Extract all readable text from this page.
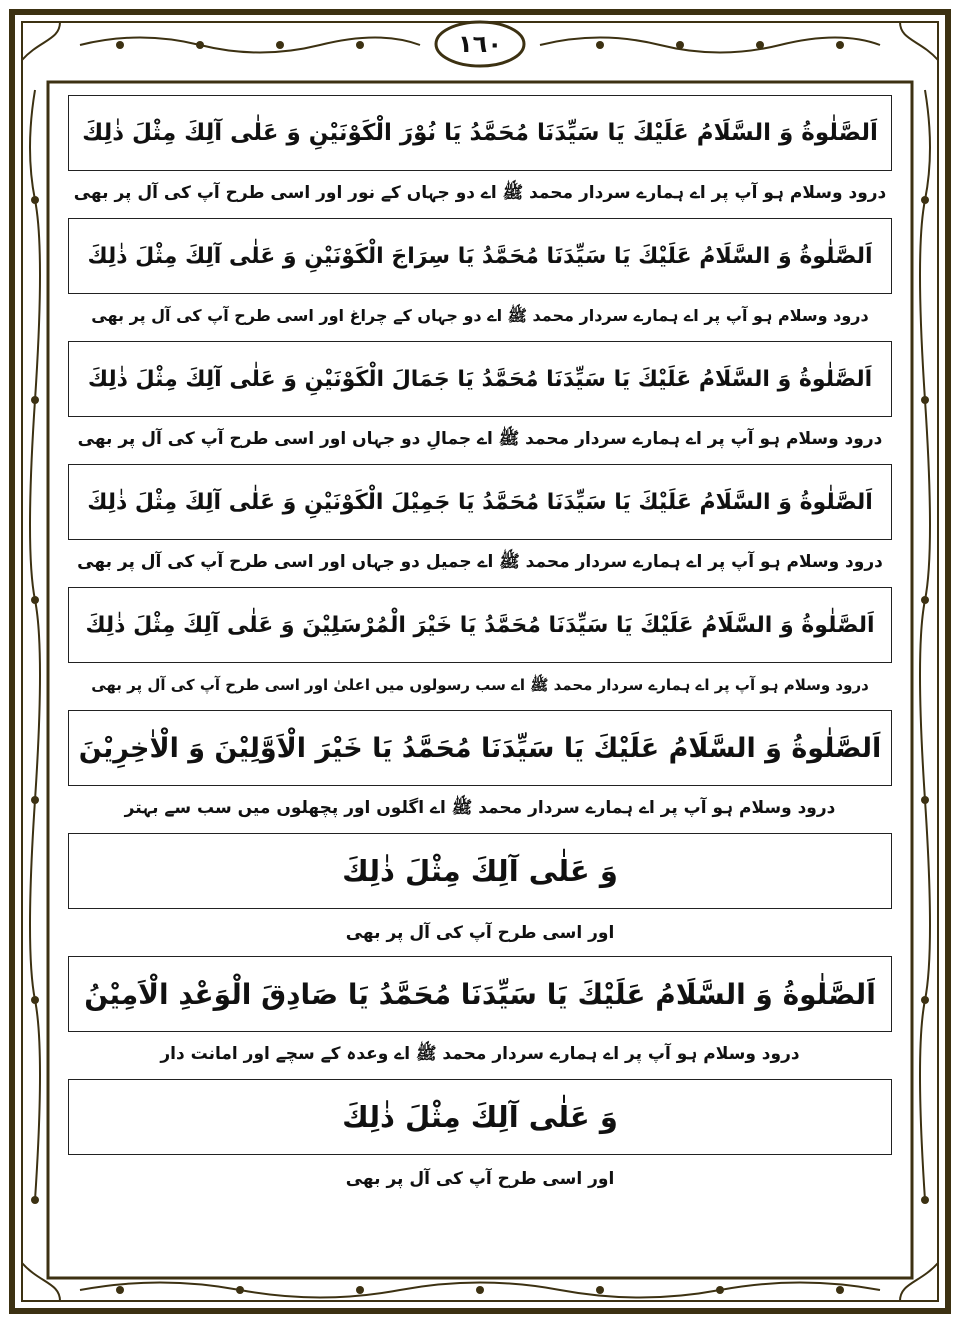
١٦٠
اَلصَّلٰوةُ وَ السَّلَامُ عَلَيْكَ يَا سَيِّدَنَا مُحَمَّدُ يَا نُوْرَ الْكَوْنَيْنِ وَ عَلٰى آلِكَ مِثْلَ ذٰلِكَ
درود وسلام ہو آپ پر اے ہمارے سردار محمد ﷺ اے دو جہاں کے نور اور اسی طرح آپ کی آل پر بھی
اَلصَّلٰوةُ وَ السَّلَامُ عَلَيْكَ يَا سَيِّدَنَا مُحَمَّدُ يَا سِرَاجَ الْكَوْنَيْنِ وَ عَلٰى آلِكَ مِثْلَ ذٰلِكَ
درود وسلام ہو آپ پر اے ہمارے سردار محمد ﷺ اے دو جہاں کے چراغ اور اسی طرح آپ کی آل پر بھی
اَلصَّلٰوةُ وَ السَّلَامُ عَلَيْكَ يَا سَيِّدَنَا مُحَمَّدُ يَا جَمَالَ الْكَوْنَيْنِ وَ عَلٰى آلِكَ مِثْلَ ذٰلِكَ
درود وسلام ہو آپ پر اے ہمارے سردار محمد ﷺ اے جمالِ دو جہاں اور اسی طرح آپ کی آل پر بھی
اَلصَّلٰوةُ وَ السَّلَامُ عَلَيْكَ يَا سَيِّدَنَا مُحَمَّدُ يَا جَمِيْلَ الْكَوْنَيْنِ وَ عَلٰى آلِكَ مِثْلَ ذٰلِكَ
درود وسلام ہو آپ پر اے ہمارے سردار محمد ﷺ اے جمیل دو جہاں اور اسی طرح آپ کی آل پر بھی
اَلصَّلٰوةُ وَ السَّلَامُ عَلَيْكَ يَا سَيِّدَنَا مُحَمَّدُ يَا خَيْرَ الْمُرْسَلِيْنَ وَ عَلٰى آلِكَ مِثْلَ ذٰلِكَ
درود وسلام ہو آپ پر اے ہمارے سردار محمد ﷺ اے سب رسولوں میں اعلیٰ اور اسی طرح آپ کی آل پر بھی
اَلصَّلٰوةُ وَ السَّلَامُ عَلَيْكَ يَا سَيِّدَنَا مُحَمَّدُ يَا خَيْرَ الْاَوَّلِيْنَ وَ الْاٰخِرِيْنَ
درود وسلام ہو آپ پر اے ہمارے سردار محمد ﷺ اے اگلوں اور پچھلوں میں سب سے بہتر
وَ عَلٰى آلِكَ مِثْلَ ذٰلِكَ
اور اسی طرح آپ کی آل پر بھی
اَلصَّلٰوةُ وَ السَّلَامُ عَلَيْكَ يَا سَيِّدَنَا مُحَمَّدُ يَا صَادِقَ الْوَعْدِ الْاَمِيْنُ
درود وسلام ہو آپ پر اے ہمارے سردار محمد ﷺ اے وعدہ کے سچے اور امانت دار
وَ عَلٰى آلِكَ مِثْلَ ذٰلِكَ
اور اسی طرح آپ کی آل پر بھی
